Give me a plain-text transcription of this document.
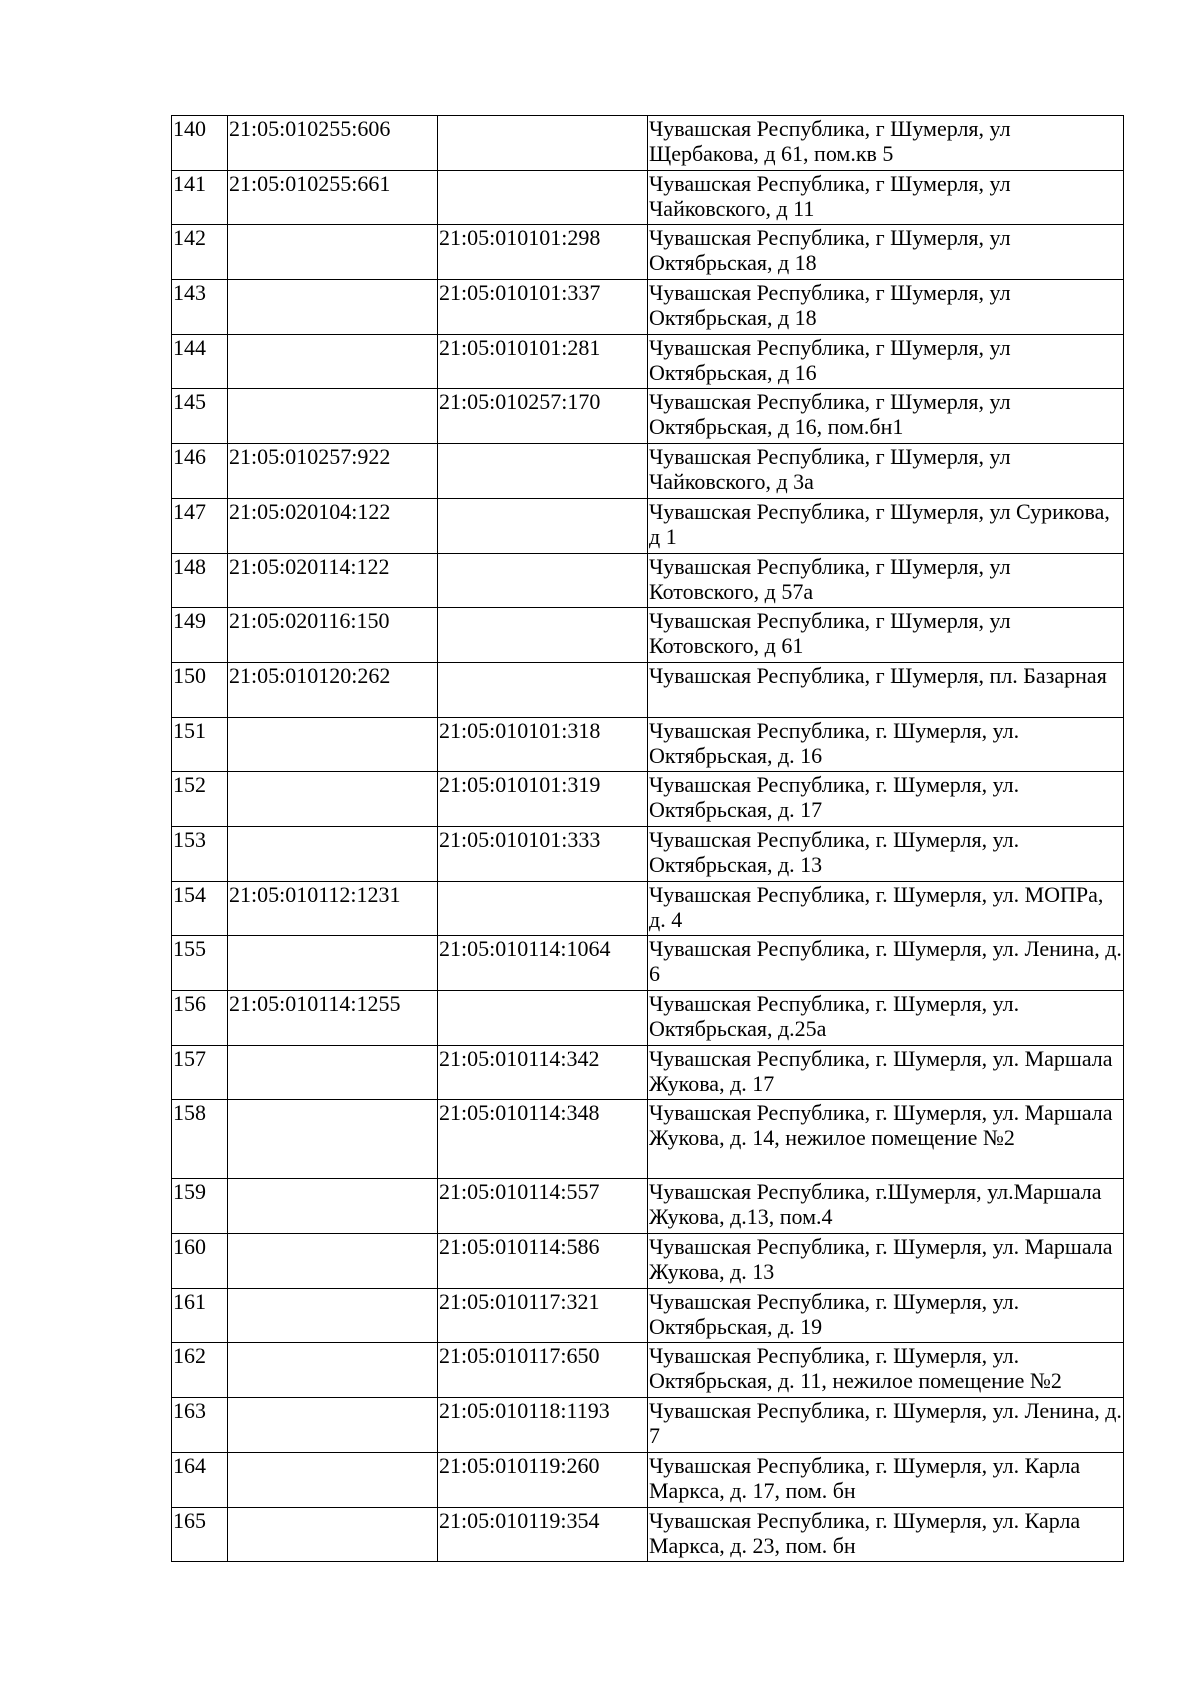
140	21:05:010255:606		Чувашская Республика, г Шумерля, ул Щербакова, д 61, пом.кв 5
141	21:05:010255:661		Чувашская Республика, г Шумерля, ул Чайковского, д 11
142		21:05:010101:298	Чувашская Республика, г Шумерля, ул Октябрьская, д 18
143		21:05:010101:337	Чувашская Республика, г Шумерля, ул Октябрьская, д 18
144		21:05:010101:281	Чувашская Республика, г Шумерля, ул Октябрьская, д 16
145		21:05:010257:170	Чувашская Республика, г Шумерля, ул Октябрьская, д 16, пом.бн1
146	21:05:010257:922		Чувашская Республика, г Шумерля, ул Чайковского, д 3а
147	21:05:020104:122		Чувашская Республика, г Шумерля, ул Сурикова, д 1
148	21:05:020114:122		Чувашская Республика, г Шумерля, ул Котовского, д 57а
149	21:05:020116:150		Чувашская Республика, г Шумерля, ул Котовского, д 61
150	21:05:010120:262		Чувашская Республика, г Шумерля, пл. Базарная
151		21:05:010101:318	Чувашская Республика, г. Шумерля, ул. Октябрьская, д. 16
152		21:05:010101:319	Чувашская Республика, г. Шумерля, ул. Октябрьская, д. 17
153		21:05:010101:333	Чувашская Республика, г. Шумерля, ул. Октябрьская, д. 13
154	21:05:010112:1231		Чувашская Республика, г. Шумерля, ул. МОПРа, д. 4
155		21:05:010114:1064	Чувашская Республика, г. Шумерля, ул. Ленина, д. 6
156	21:05:010114:1255		Чувашская Республика, г. Шумерля, ул. Октябрьская, д.25а
157		21:05:010114:342	Чувашская Республика, г. Шумерля, ул. Маршала Жукова, д. 17
158		21:05:010114:348	Чувашская Республика, г. Шумерля, ул. Маршала Жукова, д. 14, нежилое помещение №2
159		21:05:010114:557	Чувашская Республика, г.Шумерля, ул.Маршала Жукова, д.13, пом.4
160		21:05:010114:586	Чувашская Республика, г. Шумерля, ул. Маршала Жукова, д. 13
161		21:05:010117:321	Чувашская Республика, г. Шумерля, ул. Октябрьская, д. 19
162		21:05:010117:650	Чувашская Республика, г. Шумерля, ул. Октябрьская, д. 11, нежилое помещение №2
163		21:05:010118:1193	Чувашская Республика, г. Шумерля, ул. Ленина, д. 7
164		21:05:010119:260	Чувашская Республика, г. Шумерля, ул. Карла Маркса, д. 17, пом. бн
165		21:05:010119:354	Чувашская Республика, г. Шумерля, ул. Карла Маркса, д. 23, пом. бн
